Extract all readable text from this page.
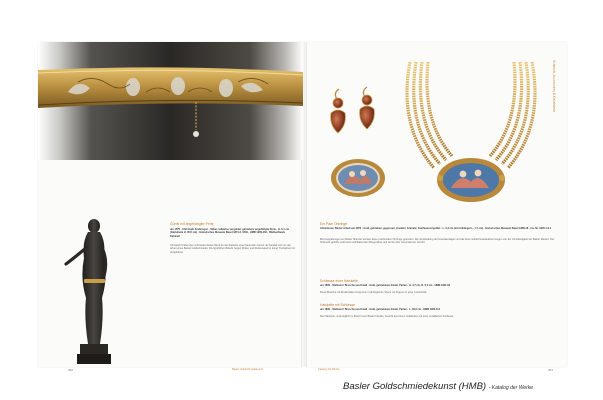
Gürtel mit angehängter Perle
um 1570 · Christoph Krafenspor · Silber, teilweise vergoldet, getrieben; angehängte Perle · H. 5,1 cm (Gürtelteile H. 35,5 cm) · Historisches Museum Basel 1871.3. 1549 · HMB 1905.262 · Bildnachweis Kabinett
Christoph Krafenspor schmiedet dieses Werk für die Statuette einer badenden Venus. Es handelt sich um die Arbeit eines Basler Goldschmieds. Die figürlichen Reliefs zeigen Putten und Rankenwerk in feiner Treibarbeit mit Vergoldung.
350	Basler Goldschmiedekunst
Schmuck, Accessoires & Kleinkünste
Ein Paar Ohrringe
Ankerkreuz, Basler Arbeit um 1870 · Gold, getrieben, gegossen, ziseliert, Granate; Feinfeuervergoldet · L. 6,2 cm (mit Anhänger L. 1,7 cm) · Historisches Museum Basel 1889.18 · Inv. Nr. 1905.1.9.1
Bei Ausgrabungen am Basler Münster wurden diese prachtvollen Ohrringe gefunden. Die Verarbeitung der Granateinlagen und die feine Goldschmiedearbeit zeugen von der Kunstfertigkeit der Basler Meister. Der Schmuck gehörte wohl einer wohlhabenden Bürgersfrau und wurde über Generationen vererbt.
Schliesse einer Halskette
um 1830 · Sitzbend / Brosche aus Email · Gold, getriebenes Email, Perlen · H. 4,7 cm, B. 5,5 cm · HMB 1901.63
Diese Brosche mit Emailmalerei zeigt eine mythologische Szene mit Figuren in einer Landschaft.
Halskette mit Schliesse
um 1830 · Sitzbend / Brosche aus Email · Gold, getriebenes Email, Perlen · L. 46,0 cm · HMB 1920.114
Die Halskette, ursprünglich im Besitz einer Basler Familie, besteht aus feinen Goldketten mit einer emaillierten Schliesse.
Katalog der Werke	351
Basler Goldschmiedekunst (HMB) - Katalog der Werke
